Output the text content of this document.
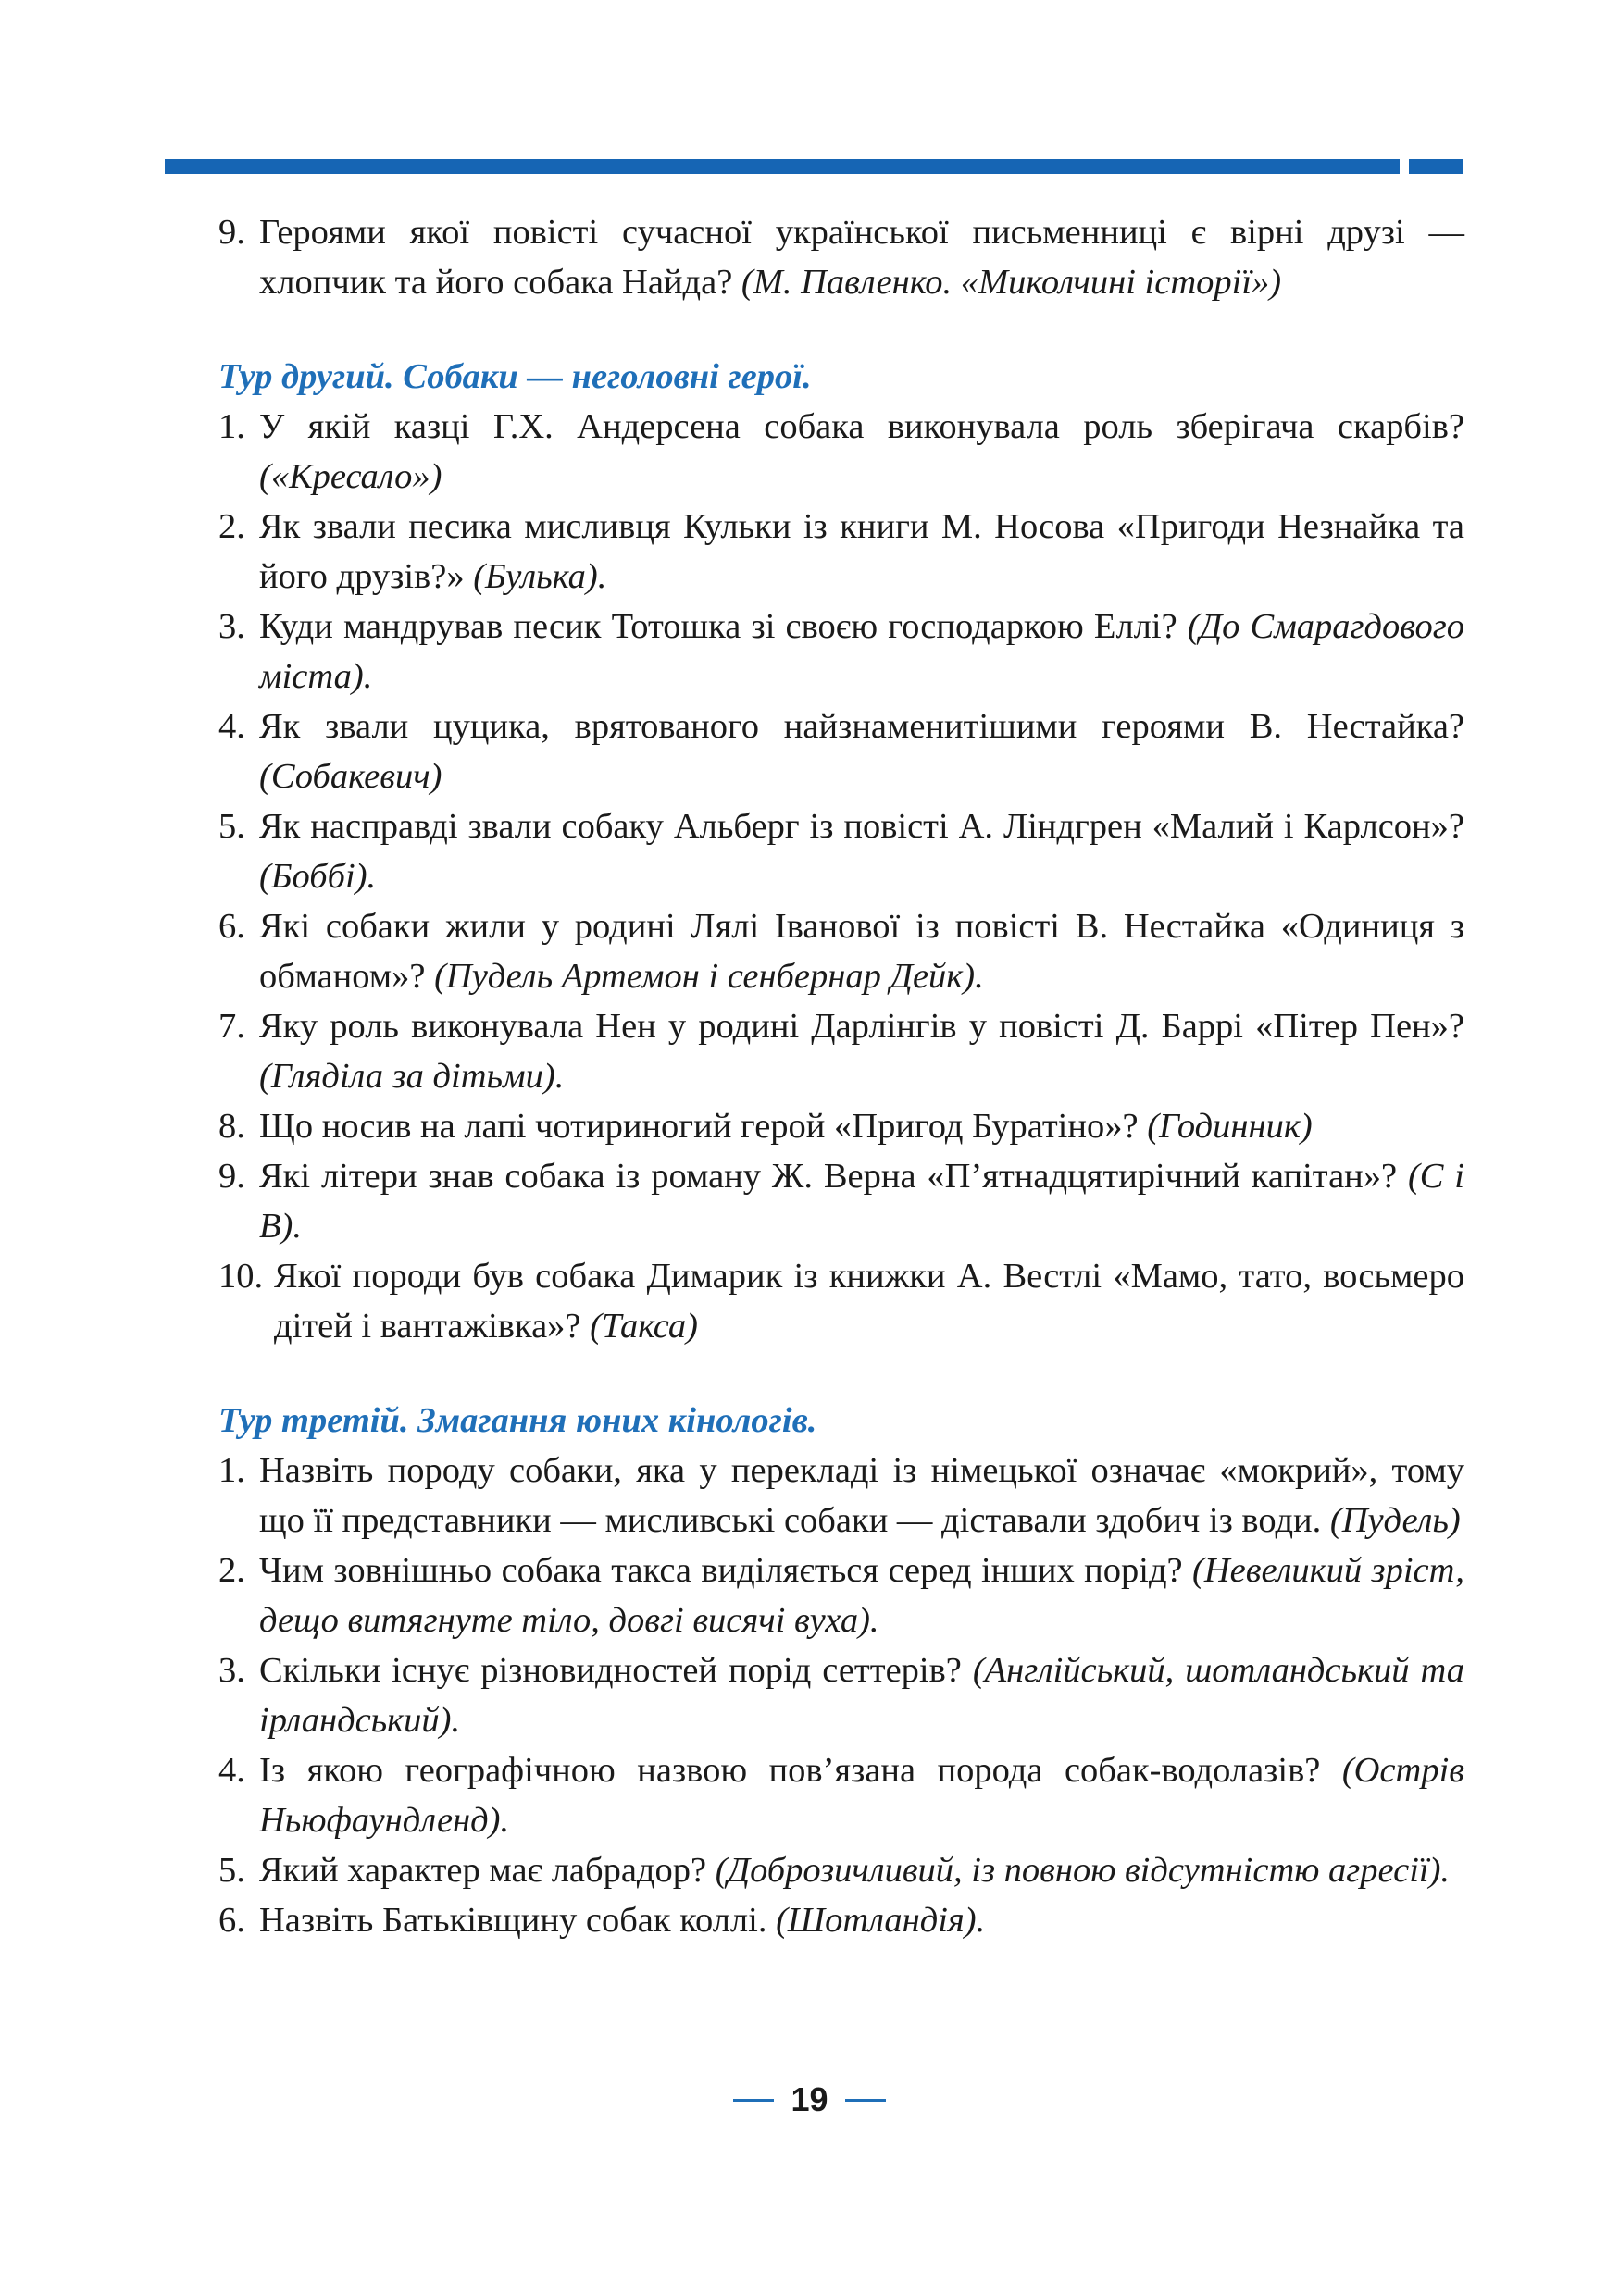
9. Героями якої повісті сучасної української письменниці є вірні друзі — хлопчик та його собака Найда? (М. Павленко. «Миколчині історії»)
Тур другий. Собаки — неголовні герої.
1. У якій казці Г.Х. Андерсена собака виконувала роль зберігача скарбів? («Кресало»)
2. Як звали песика мисливця Кульки із книги М. Носова «Пригоди Незнайка та його друзів?» (Булька).
3. Куди мандрував песик Тотошка зі своєю господаркою Еллі? (До Смарагдового міста).
4. Як звали цуцика, врятованого найзнаменитішими героями В. Нестайка? (Собакевич)
5. Як насправді звали собаку Альберг із повісті А. Ліндгрен «Малий і Карлсон»? (Боббі).
6. Які собаки жили у родині Лялі Іванової із повісті В. Нестайка «Одиниця з обманом»? (Пудель Артемон і сенбернар Дейк).
7. Яку роль виконувала Нен у родині Дарлінгів у повісті Д. Баррі «Пітер Пен»? (Гляділа за дітьми).
8. Що носив на лапі чотириногий герой «Пригод Буратіно»? (Годинник)
9. Які літери знав собака із роману Ж. Верна «П’ятнадцятирічний капітан»? (С і В).
10. Якої породи був собака Димарик із книжки А. Вестлі «Мамо, тато, восьмеро дітей і вантажівка»? (Такса)
Тур третій. Змагання юних кінологів.
1. Назвіть породу собаки, яка у перекладі із німецької означає «мокрий», тому що її представники — мисливські собаки — діставали здобич із води. (Пудель)
2. Чим зовнішньо собака такса виділяється серед інших порід? (Невеликий зріст, дещо витягнуте тіло, довгі висячі вуха).
3. Скільки існує різновидностей порід сеттерів? (Англійський, шотландський та ірландський).
4. Із якою географічною назвою пов’язана порода собак-водолазів? (Острів Ньюфаундленд).
5. Який характер має лабрадор? (Доброзичливий, із повною відсутністю агресії).
6. Назвіть Батьківщину собак коллі. (Шотландія).
19
